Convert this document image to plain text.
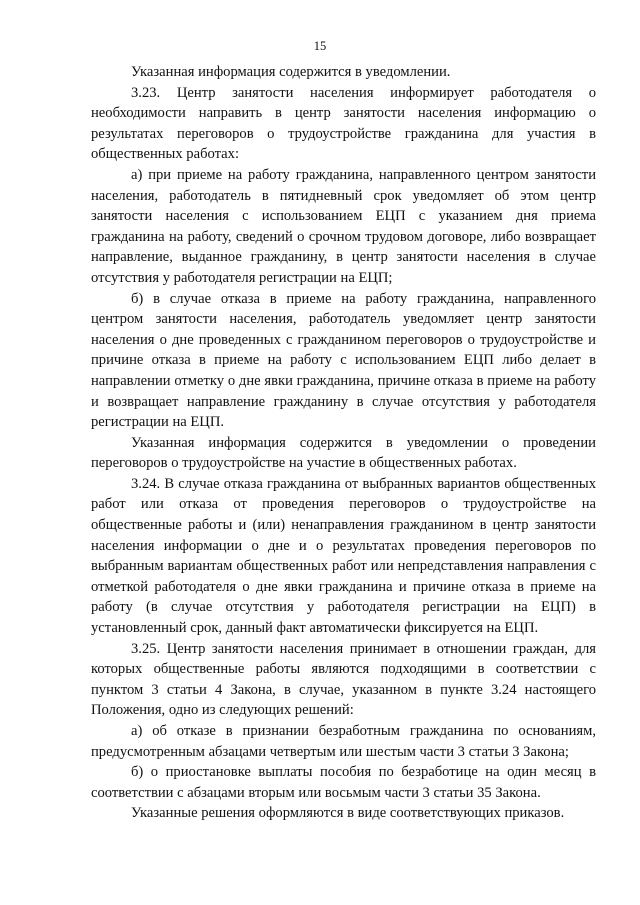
15

Указанная информация содержится в уведомлении.

3.23. Центр занятости населения информирует работодателя о необходимости направить в центр занятости населения информацию о результатах переговоров о трудоустройстве гражданина для участия в общественных работах:

а) при приеме на работу гражданина, направленного центром занятости населения, работодатель в пятидневный срок уведомляет об этом центр занятости населения с использованием ЕЦП с указанием дня приема гражданина на работу, сведений о срочном трудовом договоре, либо возвращает направление, выданное гражданину, в центр занятости населения в случае отсутствия у работодателя регистрации на ЕЦП;

б) в случае отказа в приеме на работу гражданина, направленного центром занятости населения, работодатель уведомляет центр занятости населения о дне проведенных с гражданином переговоров о трудоустройстве и причине отказа в приеме на работу с использованием ЕЦП либо делает в направлении отметку о дне явки гражданина, причине отказа в приеме на работу и возвращает направление гражданину в случае отсутствия у работодателя регистрации на ЕЦП.

Указанная информация содержится в уведомлении о проведении переговоров о трудоустройстве на участие в общественных работах.

3.24. В случае отказа гражданина от выбранных вариантов общественных работ или отказа от проведения переговоров о трудоустройстве на общественные работы и (или) ненаправления гражданином в центр занятости населения информации о дне и о результатах проведения переговоров по выбранным вариантам общественных работ или непредставления направления с отметкой работодателя о дне явки гражданина и причине отказа в приеме на работу (в случае отсутствия у работодателя регистрации на ЕЦП) в установленный срок, данный факт автоматически фиксируется на ЕЦП.

3.25. Центр занятости населения принимает в отношении граждан, для которых общественные работы являются подходящими в соответствии с пунктом 3 статьи 4 Закона, в случае, указанном в пункте 3.24 настоящего Положения, одно из следующих решений:

а) об отказе в признании безработным гражданина по основаниям, предусмотренным абзацами четвертым или шестым части 3 статьи 3 Закона;

б) о приостановке выплаты пособия по безработице на один месяц в соответствии с абзацами вторым или восьмым части 3 статьи 35 Закона.

Указанные решения оформляются в виде соответствующих приказов.
